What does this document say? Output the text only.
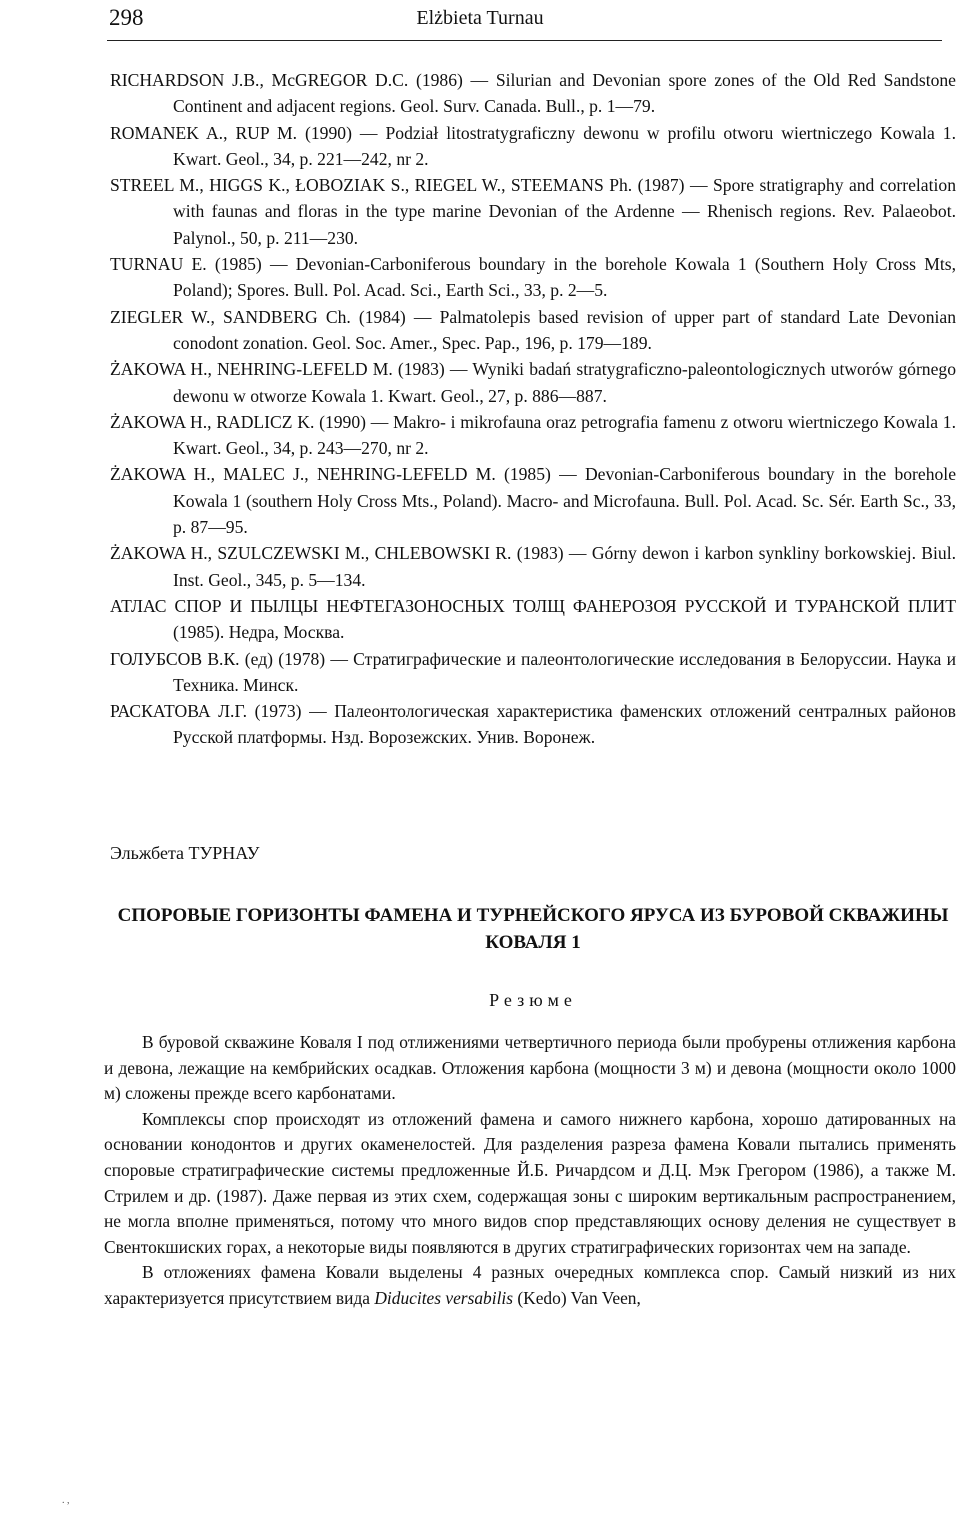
298	Elżbieta Turnau

RICHARDSON J.B., McGREGOR D.C. (1986) — Silurian and Devonian spore zones of the Old Red Sandstone Continent and adjacent regions. Geol. Surv. Canada. Bull., p. 1—79.

ROMANEK A., RUP M. (1990) — Podział litostratygraficzny dewonu w profilu otworu wiertniczego Kowala 1. Kwart. Geol., 34, p. 221—242, nr 2.

STREEL M., HIGGS K., ŁOBOZIAK S., RIEGEL W., STEEMANS Ph. (1987) — Spore stratigraphy and correlation with faunas and floras in the type marine Devonian of the Ardenne — Rhenisch regions. Rev. Palaeobot. Palynol., 50, p. 211—230.

TURNAU E. (1985) — Devonian-Carboniferous boundary in the borehole Kowala 1 (Southern Holy Cross Mts, Poland); Spores. Bull. Pol. Acad. Sci., Earth Sci., 33, p. 2—5.

ZIEGLER W., SANDBERG Ch. (1984) — Palmatolepis based revision of upper part of standard Late Devonian conodont zonation. Geol. Soc. Amer., Spec. Pap., 196, p. 179—189.

ŻAKOWA H., NEHRING-LEFELD M. (1983) — Wyniki badań stratygraficzno-paleontologicznych utworów górnego dewonu w otworze Kowala 1. Kwart. Geol., 27, p. 886—887.

ŻAKOWA H., RADLICZ K. (1990) — Makro- i mikrofauna oraz petrografia famenu z otworu wiertniczego Kowala 1. Kwart. Geol., 34, p. 243—270, nr 2.

ŻAKOWA H., MALEC J., NEHRING-LEFELD M. (1985) — Devonian-Carboniferous boundary in the borehole Kowala 1 (southern Holy Cross Mts., Poland). Macro- and Microfauna. Bull. Pol. Acad. Sc. Sér. Earth Sc., 33, p. 87—95.

ŻAKOWA H., SZULCZEWSKI M., CHLEBOWSKI R. (1983) — Górny dewon i karbon synkliny borkowskiej. Biul. Inst. Geol., 345, p. 5—134.

АТЛАС СПОР И ПЫЛЦЫ НЕФТЕГАЗОНОСНЫХ ТОЛЩ ФАНЕРОЗОЯ РУССКОЙ И ТУРАНСКОЙ ПЛИТ (1985). Недра, Москва.

ГОЛУБСОВ В.К. (ед) (1978) — Стратиграфические и палеонтологические исследования в Белоруссии. Наука и Техника. Минск.

РАСКАТОВА Л.Г. (1973) — Палеонтологическая характеристика фаменских отложений сентралных районов Русской платформы. Нзд. Ворозежских. Унив. Воронеж.

Эльжбета ТУРНАУ
СПОРОВЫЕ ГОРИЗОНТЫ ФАМЕНА И ТУРНЕЙСКОГО ЯРУСА ИЗ БУРОВОЙ СКВАЖИНЫ КОВАЛЯ 1
Резюме

В буровой скважине Коваля I под отлижениями четвертичного периода были пробурены отлижения карбона и девона, лежащие на кембрийских осадкав. Отложения карбона (мощности 3 м) и девона (мощности около 1000 м) сложены прежде всего карбонатами.

Комплексы спор происходят из отложений фамена и самого нижнего карбона, хорошо датированных на основании конодонтов и других окаменелостей. Для разделения разреза фамена Ковали пытались применять споровые стратиграфические системы предложенные Й.Б. Ричардсом и Д.Ц. Мэк Грегором (1986), а также М. Стрилем и др. (1987). Даже первая из этих схем, содержащая зоны с широким вертикальным распространением, не могла вполне применяться, потому что много видов спор представляющих основу деления не существует в Свентокшиских горах, а некоторые виды появляются в других стратиграфических горизонтах чем на западе.

В отложениях фамена Ковали выделены 4 разных очередных комплекса спор. Самый низкий из них характеризуется присутствием вида Diducites versabilis (Kedo) Van Veen,

. ,
